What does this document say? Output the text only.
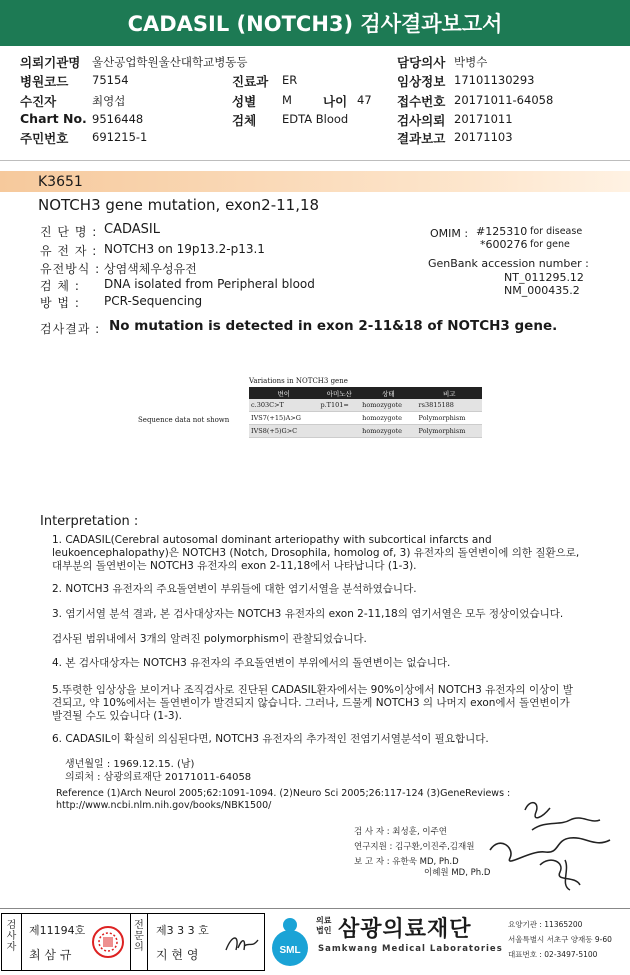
CADASIL (NOTCH3) 검사결과보고서
의뢰기관명 울산공업학원울산대학교병동등
병원코드 75154
수진자	최영섭
Chart No. 9516448
주민번호 691215-1
진료과 ER
성별 M 나이 47
검체 EDTA Blood
담당의사 박병수
임상정보 17101130293
접수번호 20171011-64058
검사의뢰 20171011
결과보고 20171103
K3651
NOTCH3 gene mutation, exon2-11,18
진 단 명 : CADASIL
유 전 자 : NOTCH3 on 19p13.2-p13.1
유전방식 : 상염색체우성유전
검 체 : DNA isolated from Peripheral blood
방 법 : PCR-Sequencing
OMIM : #125310 for disease
*600276 for gene
GenBank accession number :
NT_011295.12
NM_000435.2
검사결과 : No mutation is detected in exon 2-11&18 of NOTCH3 gene.
Variations in NOTCH3 gene
Sequence data not shown
변이	아미노산	상태	비고
c.303C>T	p.T101=	homozygote	rs3815188
IVS7(+15)A>G		homozygote	Polymorphism
IVS8(+5)G>C		homozygote	Polymorphism
Interpretation :
1. CADASIL(Cerebral autosomal dominant arteriopathy with subcortical infarcts and leukoencephalopathy)은 NOTCH3 (Notch, Drosophila, homolog of, 3) 유전자의 돌연변이에 의한 질환으로, 대부분의 돌연변이는 NOTCH3 유전자의 exon 2-11,18에서 나타납니다 (1-3).
2. NOTCH3 유전자의 주요돌연변이 부위들에 대한 염기서열을 분석하였습니다.
3. 염기서열 분석 결과, 본 검사대상자는 NOTCH3 유전자의 exon 2-11,18의 염기서열은 모두 정상이었습니다.
검사된 범위내에서 3개의 알려진 polymorphism이 관찰되었습니다.
4. 본 검사대상자는 NOTCH3 유전자의 주요돌연변이 부위에서의 돌연변이는 없습니다.
5.뚜렷한 임상상을 보이거나 조직검사로 진단된 CADASIL환자에서는 90%이상에서 NOTCH3 유전자의 이상이 발견되고, 약 10%에서는 돌연변이가 발견되지 않습니다. 그러나, 드물게 NOTCH3 의 나머지 exon에서 돌연변이가 발견될 수도 있습니다 (1-3).
6. CADASIL이 확실히 의심된다면, NOTCH3 유전자의 추가적인 전염기서열분석이 필요합니다.
생년월일 : 1969.12.15. (남)
의뢰처 : 삼광의료재단 20171011-64058
Reference (1)Arch Neurol 2005;62:1091-1094. (2)Neuro Sci 2005;26:117-124 (3)GeneReviews : http://www.ncbi.nlm.nih.gov/books/NBK1500/
검 사 자 : 최성훈, 이주연
연구지원 : 김구환,이진주,김재원
보 고 자 : 유한욱 MD, Ph.D
이혜원 MD, Ph.D
검사자
제11194호
최 삼 규
전문의
제3 3 3 호
지 현 영	SML
의료
법인 삼광의료재단
Samkwang Medical Laboratories
요양기관 : 11365200
서울특별시 서초구 양재동 9-60
대표번호 : 02-3497-5100
